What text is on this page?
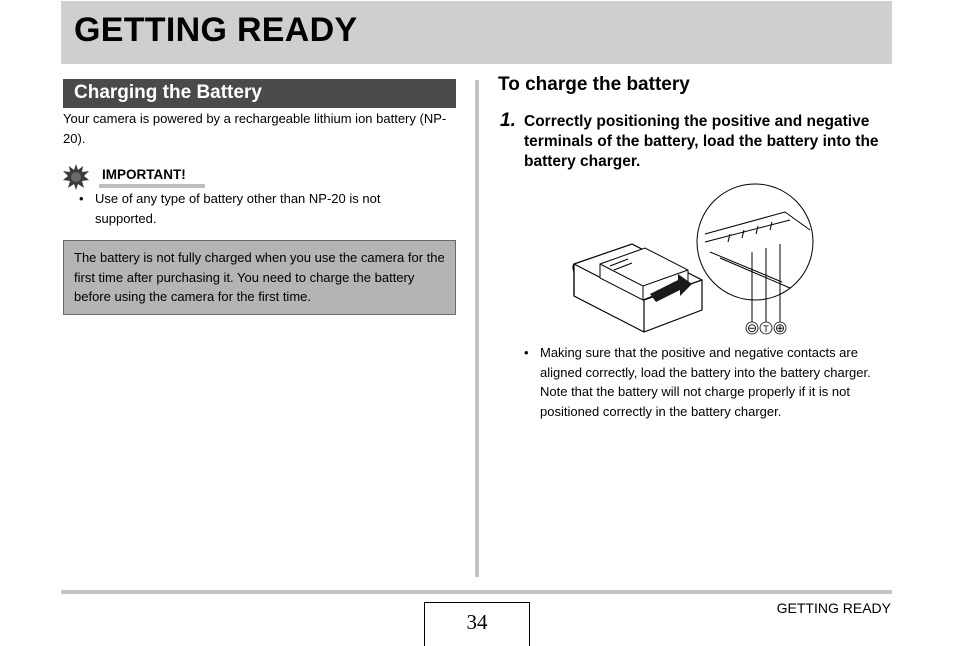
GETTING READY
Charging the Battery

Your camera is powered by a rechargeable lithium ion battery (NP-20).

IMPORTANT!
• Use of any type of battery other than NP-20 is not supported.

The battery is not fully charged when you use the camera for the first time after purchasing it. You need to charge the battery before using the camera for the first time.

To charge the battery
1. Correctly positioning the positive and negative terminals of the battery, load the battery into the battery charger.

⊖ T ⊕
• Making sure that the positive and negative contacts are aligned correctly, load the battery into the battery charger. Note that the battery will not charge properly if it is not positioned correctly in the battery charger.
34
GETTING READY
